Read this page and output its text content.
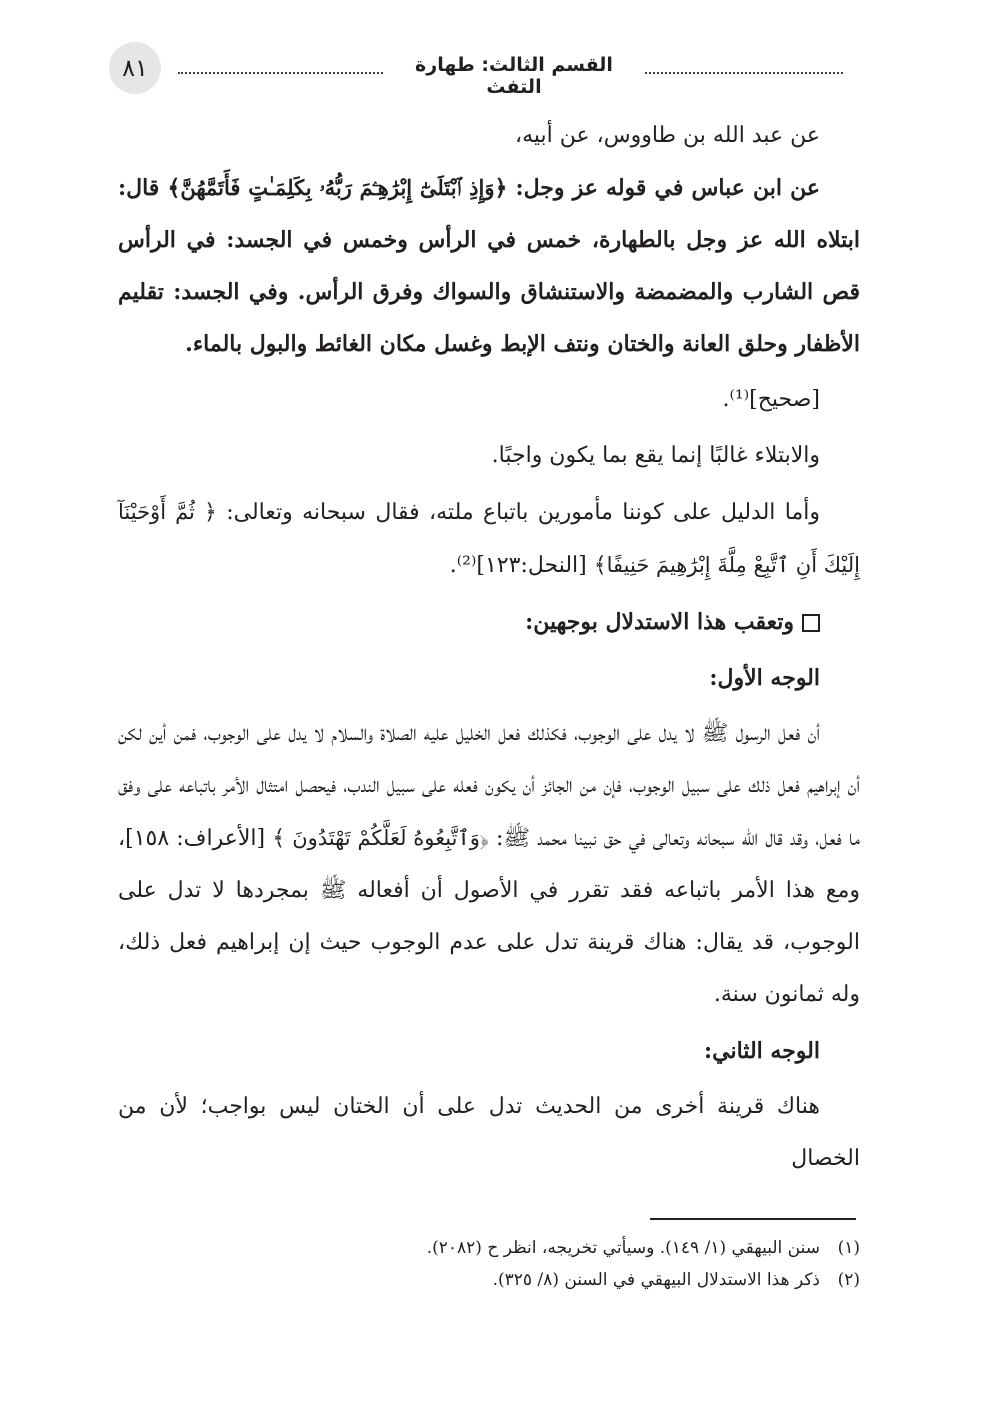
٨١	القسم الثالث: طهارة التفث

عن عبد الله بن طاووس، عن أبيه،

عن ابن عباس في قوله عز وجل: ﴿وَإِذِ ٱبْتَلَىٰٓ إِبْرَٰهِـۧمَ رَبُّهُۥ بِكَلِمَـٰتٍ فَأَتَمَّهُنَّ﴾ قال: ابتلاه الله عز وجل بالطهارة، خمس في الرأس وخمس في الجسد: في الرأس قص الشارب والمضمضة والاستنشاق والسواك وفرق الرأس. وفي الجسد: تقليم الأظفار وحلق العانة والختان ونتف الإبط وغسل مكان الغائط والبول بالماء.

[صحيح]⁽¹⁾.

والابتلاء غالبًا إنما يقع بما يكون واجبًا.

وأما الدليل على كوننا مأمورين باتباع ملته، فقال سبحانه وتعالى: ﴿ ثُمَّ أَوْحَيْنَآ إِلَيْكَ أَنِ ٱتَّبِعْ مِلَّةَ إِبْرَٰهِيمَ حَنِيفًا﴾ [النحل:١٢٣]⁽²⁾.

وتعقب هذا الاستدلال بوجهين:

الوجه الأول:

أن فعل الرسول ﷺ لا يدل على الوجوب، فكذلك فعل الخليل عليه الصلاة والسلام لا يدل على الوجوب، فمن أين لكن أن إبراهيم فعل ذلك على سبيل الوجوب، فإن من الجائز أن يكون فعله على سبيل الندب، فيحصل امتثال الأمر باتباعه على وفق ما فعل، وقد قال الله سبحانه وتعالى في حق نبينا محمد ﷺ: ﴿وَٱتَّبِعُوهُ لَعَلَّكُمْ تَهْتَدُونَ ﴾ [الأعراف: ١٥٨]، ومع هذا الأمر باتباعه فقد تقرر في الأصول أن أفعاله ﷺ بمجردها لا تدل على الوجوب، قد يقال: هناك قرينة تدل على عدم الوجوب حيث إن إبراهيم فعل ذلك، وله ثمانون سنة.

الوجه الثاني:

هناك قرينة أخرى من الحديث تدل على أن الختان ليس بواجب؛ لأن من الخصال

(١)سنن البيهقي (١/ ١٤٩). وسيأتي تخريجه، انظر ح (٢٠٨٢).

(٢)ذكر هذا الاستدلال البيهقي في السنن (٨/ ٣٢٥).
